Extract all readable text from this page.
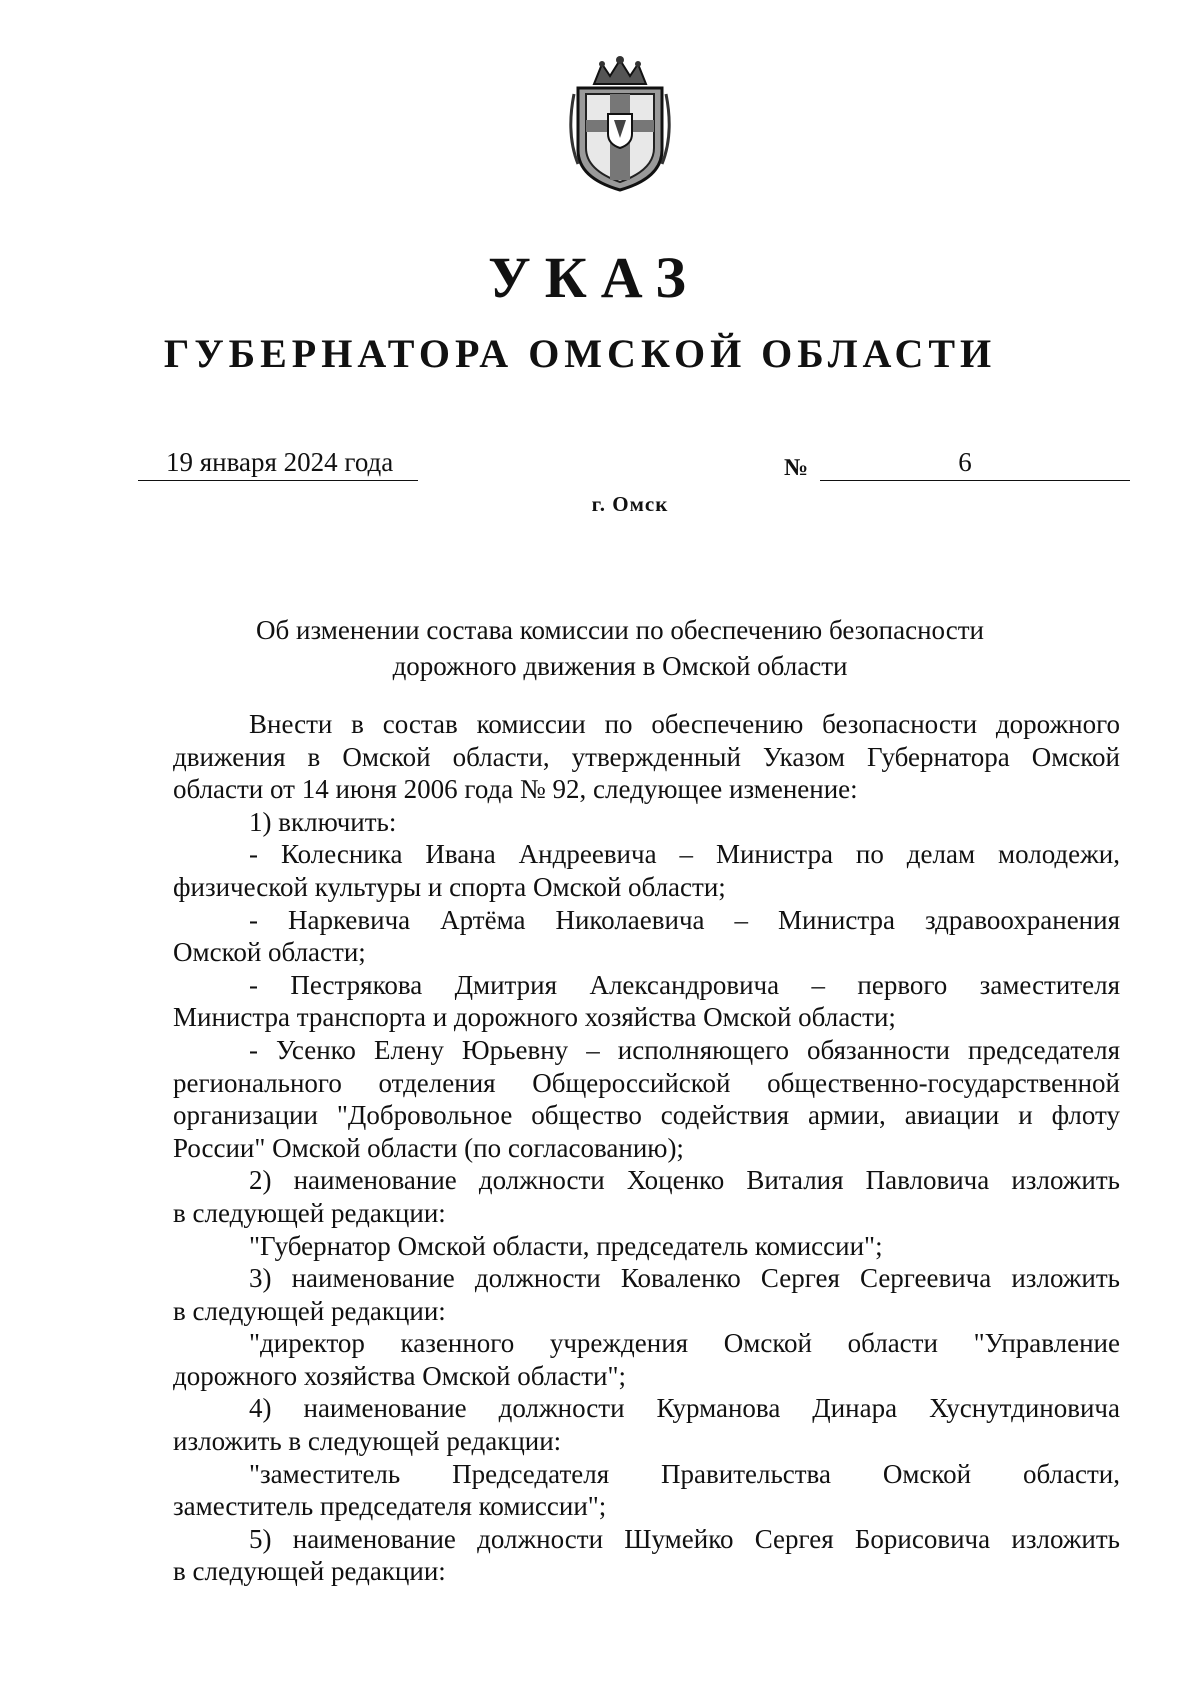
УКАЗ
ГУБЕРНАТОРА ОМСКОЙ ОБЛАСТИ
19 января 2024 года	№	6
г. Омск
Об изменении состава комиссии по обеспечению безопасности
дорожного движения в Омской области
Внести в состав комиссии по обеспечению безопасности дорожного
движения в Омской области, утвержденный Указом Губернатора Омской
области от 14 июня 2006 года № 92, следующее изменение:
1) включить:
- Колесника Ивана Андреевича – Министра по делам молодежи,
физической культуры и спорта Омской области;
- Наркевича Артёма Николаевича – Министра здравоохранения
Омской области;
- Пестрякова Дмитрия Александровича – первого заместителя
Министра транспорта и дорожного хозяйства Омской области;
- Усенко Елену Юрьевну – исполняющего обязанности председателя
регионального отделения Общероссийской общественно-государственной
организации "Добровольное общество содействия армии, авиации и флоту
России" Омской области (по согласованию);
2) наименование должности Хоценко Виталия Павловича изложить
в следующей редакции:
"Губернатор Омской области, председатель комиссии";
3) наименование должности Коваленко Сергея Сергеевича изложить
в следующей редакции:
"директор казенного учреждения Омской области "Управление
дорожного хозяйства Омской области";
4) наименование должности Курманова Динара Хуснутдиновича
изложить в следующей редакции:
"заместитель Председателя Правительства Омской области,
заместитель председателя комиссии";
5) наименование должности Шумейко Сергея Борисовича изложить
в следующей редакции:
